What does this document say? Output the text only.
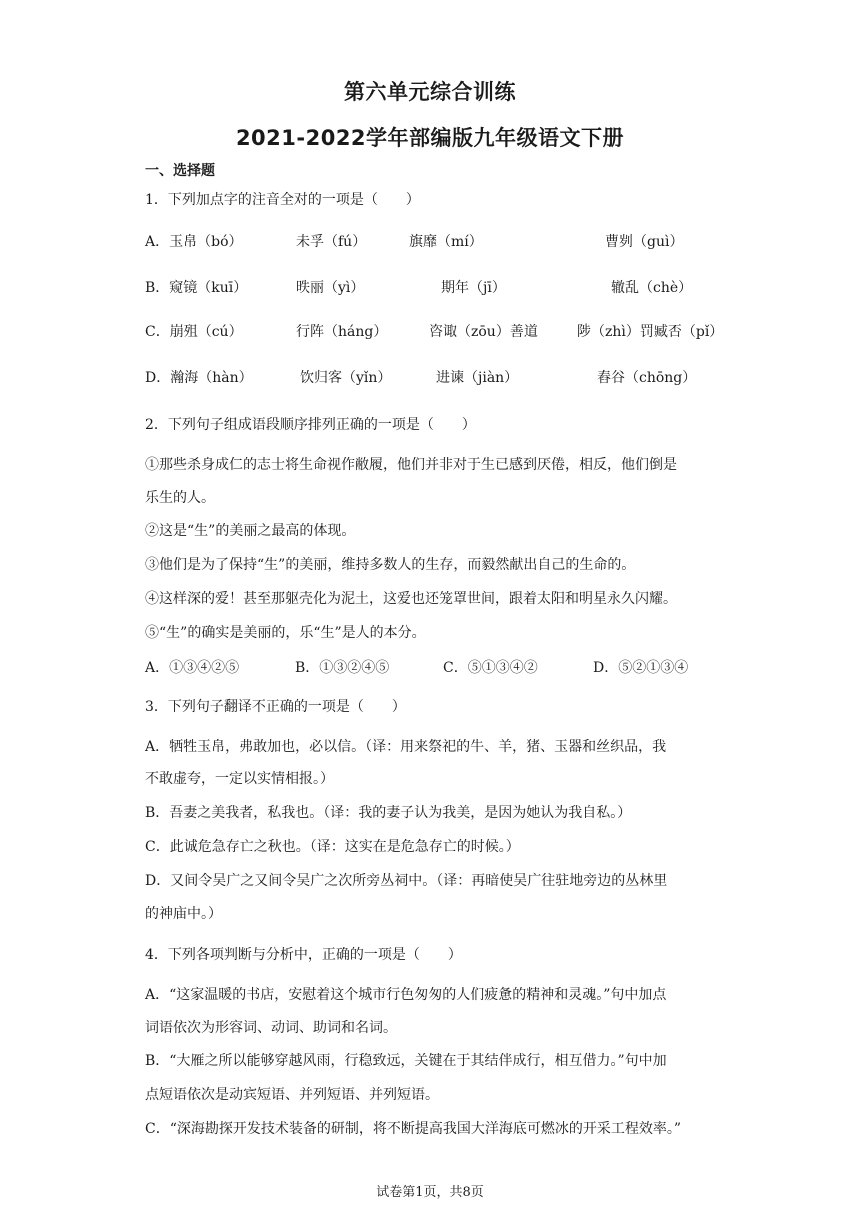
第六单元综合训练
2021-2022学年部编版九年级语文下册
一、选择题
1．下列加点字的注音全对的一项是（　　）
A．玉帛（bó）	未孚（fú）	旗靡（mí）	曹刿（guì）
B．窥镜（kuī）	昳丽（yì）	期年（jī）	辙乱（chè）
C．崩殂（cú）	行阵（háng）	咨诹（zōu）善道	陟（zhì）罚臧否（pǐ）
D．瀚海（hàn）	饮归客（yǐn）	进谏（jiàn）	舂谷（chōng）
2．下列句子组成语段顺序排列正确的一项是（　　）
①那些杀身成仁的志士将生命视作敝履，他们并非对于生已感到厌倦，相反，他们倒是
乐生的人。
②这是“生”的美丽之最高的体现。
③他们是为了保持“生”的美丽，维持多数人的生存，而毅然献出自己的生命的。
④这样深的爱！甚至那躯壳化为泥土，这爱也还笼罩世间，跟着太阳和明星永久闪耀。
⑤“生”的确实是美丽的，乐“生”是人的本分。
A．①③④②⑤	B．①③②④⑤	C．⑤①③④②	D．⑤②①③④
3．下列句子翻译不正确的一项是（　　）
A．牺牲玉帛，弗敢加也，必以信。（译：用来祭祀的牛、羊，猪、玉器和丝织品，我
不敢虚夸，一定以实情相报。）
B．吾妻之美我者，私我也。（译：我的妻子认为我美，是因为她认为我自私。）
C．此诚危急存亡之秋也。（译：这实在是危急存亡的时候。）
D．又间令吴广之又间令吴广之次所旁丛祠中。（译：再暗使吴广往驻地旁边的丛林里
的神庙中。）
4．下列各项判断与分析中，正确的一项是（　　）
A．“这家温暖的书店，安慰着这个城市行色匆匆的人们疲惫的精神和灵魂。”句中加点
词语依次为形容词、动词、助词和名词。
B．“大雁之所以能够穿越风雨，行稳致远，关键在于其结伴成行，相互借力。”句中加
点短语依次是动宾短语、并列短语、并列短语。
C．“深海勘探开发技术装备的研制，将不断提高我国大洋海底可燃冰的开采工程效率。”
试卷第1页，共8页
